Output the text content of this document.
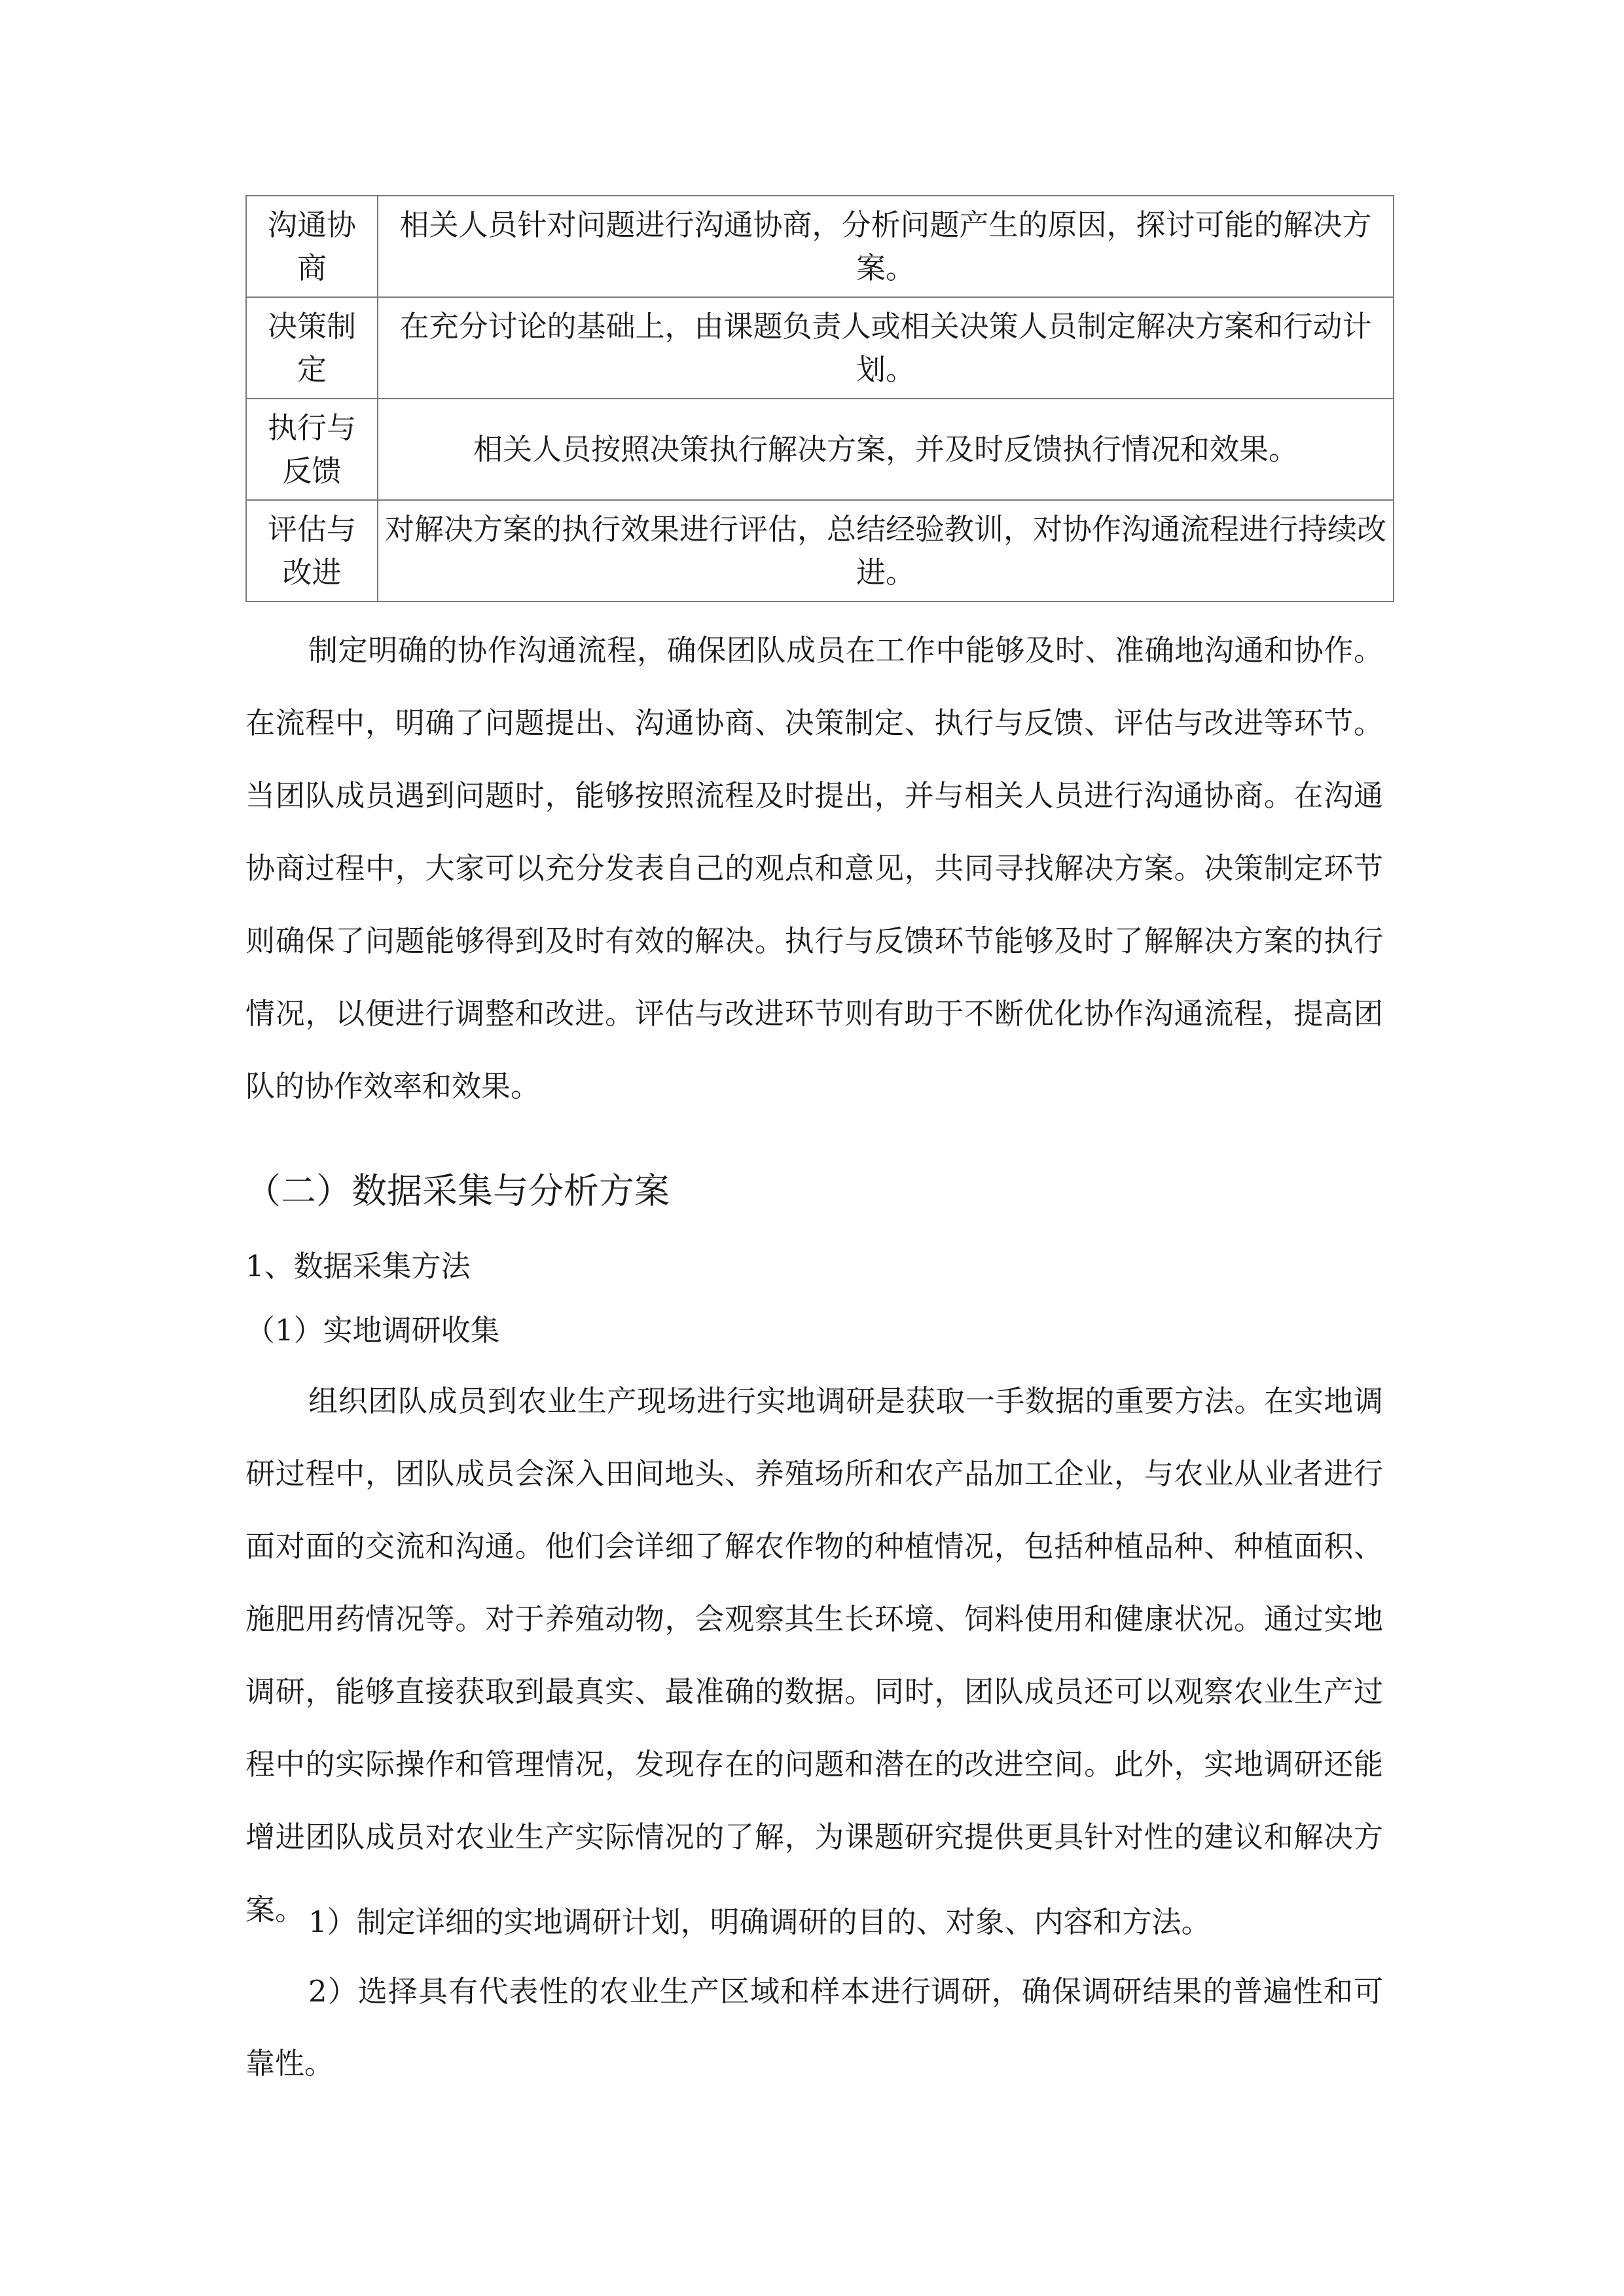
沟通协商	相关人员针对问题进行沟通协商，分析问题产生的原因，探讨可能的解决方案。
决策制定	在充分讨论的基础上，由课题负责人或相关决策人员制定解决方案和行动计划。
执行与反馈	相关人员按照决策执行解决方案，并及时反馈执行情况和效果。
评估与改进	对解决方案的执行效果进行评估，总结经验教训，对协作沟通流程进行持续改进。
制定明确的协作沟通流程，确保团队成员在工作中能够及时、准确地沟通和协作。在流程中，明确了问题提出、沟通协商、决策制定、执行与反馈、评估与改进等环节。当团队成员遇到问题时，能够按照流程及时提出，并与相关人员进行沟通协商。在沟通协商过程中，大家可以充分发表自己的观点和意见，共同寻找解决方案。决策制定环节则确保了问题能够得到及时有效的解决。执行与反馈环节能够及时了解解决方案的执行情况，以便进行调整和改进。评估与改进环节则有助于不断优化协作沟通流程，提高团队的协作效率和效果。
（二）数据采集与分析方案
1、数据采集方法
（1）实地调研收集
组织团队成员到农业生产现场进行实地调研是获取一手数据的重要方法。在实地调研过程中，团队成员会深入田间地头、养殖场所和农产品加工企业，与农业从业者进行面对面的交流和沟通。他们会详细了解农作物的种植情况，包括种植品种、种植面积、施肥用药情况等。对于养殖动物，会观察其生长环境、饲料使用和健康状况。通过实地调研，能够直接获取到最真实、最准确的数据。同时，团队成员还可以观察农业生产过程中的实际操作和管理情况，发现存在的问题和潜在的改进空间。此外，实地调研还能增进团队成员对农业生产实际情况的了解，为课题研究提供更具针对性的建议和解决方案。 1）制定详细的实地调研计划，明确调研的目的、对象、内容和方法。
2）选择具有代表性的农业生产区域和样本进行调研，确保调研结果的普遍性和可靠性。
